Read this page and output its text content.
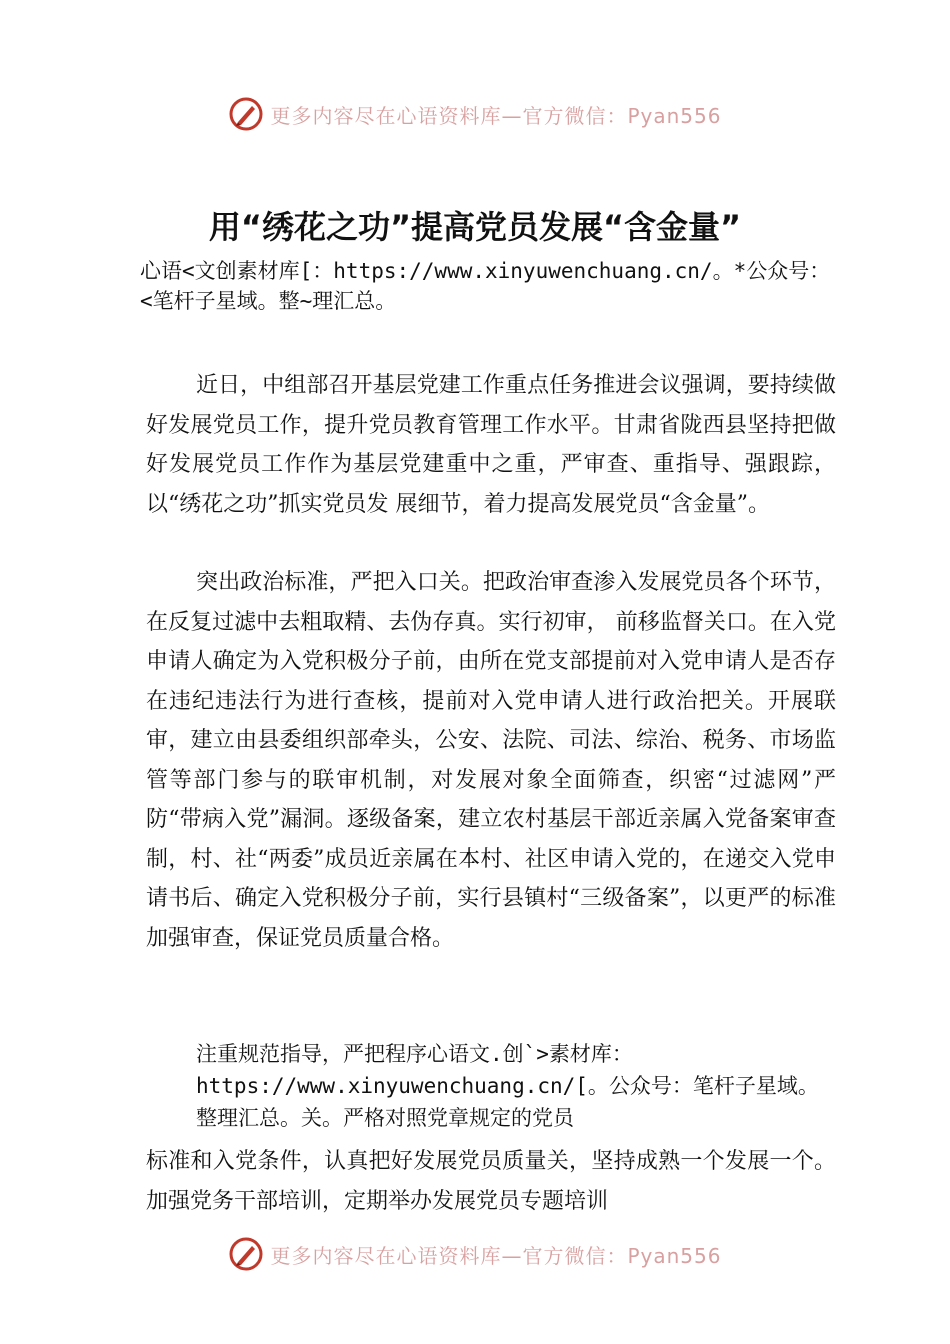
更多内容尽在心语资料库—官方微信：Pyan556
用“绣花之功”提高党员发展“含金量”

心语<文创素材库[：https://www.xinyuwenchuang.cn/。*公众号：<笔杆子星域。整~理汇总。

近日，中组部召开基层党建工作重点任务推进会议强调，要持续做好发展党员工作，提升党员教育管理工作水平。甘肃省陇西县坚持把做好发展党员工作作为基层党建重中之重，严审查、重指导、强跟踪，以“绣花之功”抓实党员发 展细节，着力提高发展党员“含金量”。

突出政治标准，严把入口关。把政治审查渗入发展党员各个环节，在反复过滤中去粗取精、去伪存真。实行初审， 前移监督关口。在入党申请人确定为入党积极分子前，由所在党支部提前对入党申请人是否存在违纪违法行为进行查核，提前对入党申请人进行政治把关。开展联审，建立由县委组织部牵头，公安、法院、司法、综治、税务、市场监管等部门参与的联审机制，对发展对象全面筛查，织密“过滤网”严防“带病入党”漏洞。逐级备案，建立农村基层干部近亲属入党备案审查制，村、社“两委”成员近亲属在本村、社区申请入党的，在递交入党申请书后、确定入党积极分子前，实行县镇村“三级备案”，以更严的标准加强审查，保证党员质量合格。

注重规范指导，严把程序心语文.创`>素材库：https://www.xinyuwenchuang.cn/[。公众号：笔杆子星域。整理汇总。关。严格对照党章规定的党员

标准和入党条件，认真把好发展党员质量关，坚持成熟一个发展一个。加强党务干部培训，定期举办发展党员专题培训

更多内容尽在心语资料库—官方微信：Pyan556
